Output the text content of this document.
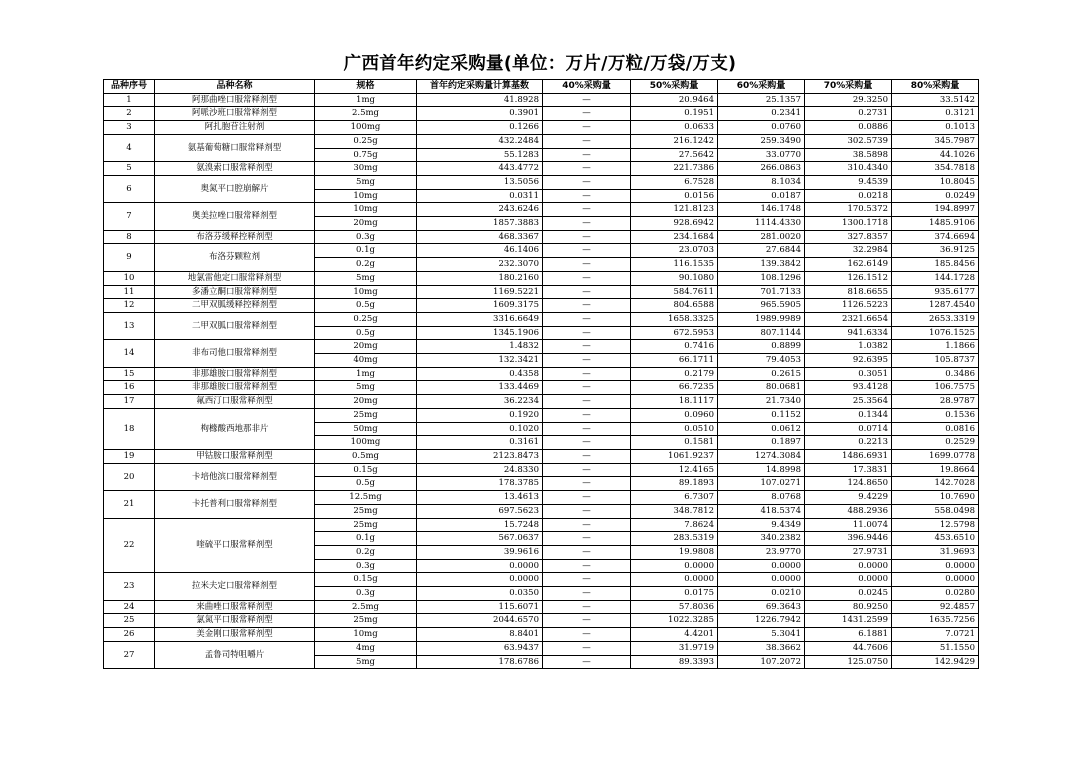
广西首年约定采购量(单位：万片/万粒/万袋/万支)
品种序号	品种名称	规格	首年约定采购量计算基数	40%采购量	50%采购量	60%采购量	70%采购量	80%采购量
1	阿那曲唑口服常释剂型	1mg	41.8928	—	20.9464	25.1357	29.3250	33.5142
2	阿哌沙班口服常释剂型	2.5mg	0.3901	—	0.1951	0.2341	0.2731	0.3121
3	阿扎胞苷注射剂	100mg	0.1266	—	0.0633	0.0760	0.0886	0.1013
4	氨基葡萄糖口服常释剂型	0.25g	432.2484	—	216.1242	259.3490	302.5739	345.7987
		0.75g	55.1283	—	27.5642	33.0770	38.5898	44.1026
5	氨溴索口服常释剂型	30mg	443.4772	—	221.7386	266.0863	310.4340	354.7818
6	奥氮平口腔崩解片	5mg	13.5056	—	6.7528	8.1034	9.4539	10.8045
		10mg	0.0311	—	0.0156	0.0187	0.0218	0.0249
7	奥美拉唑口服常释剂型	10mg	243.6246	—	121.8123	146.1748	170.5372	194.8997
		20mg	1857.3883	—	928.6942	1114.4330	1300.1718	1485.9106
8	布洛芬缓释控释剂型	0.3g	468.3367	—	234.1684	281.0020	327.8357	374.6694
9	布洛芬颗粒剂	0.1g	46.1406	—	23.0703	27.6844	32.2984	36.9125
		0.2g	232.3070	—	116.1535	139.3842	162.6149	185.8456
10	地氯雷他定口服常释剂型	5mg	180.2160	—	90.1080	108.1296	126.1512	144.1728
11	多潘立酮口服常释剂型	10mg	1169.5221	—	584.7611	701.7133	818.6655	935.6177
12	二甲双胍缓释控释剂型	0.5g	1609.3175	—	804.6588	965.5905	1126.5223	1287.4540
13	二甲双胍口服常释剂型	0.25g	3316.6649	—	1658.3325	1989.9989	2321.6654	2653.3319
		0.5g	1345.1906	—	672.5953	807.1144	941.6334	1076.1525
14	非布司他口服常释剂型	20mg	1.4832	—	0.7416	0.8899	1.0382	1.1866
		40mg	132.3421	—	66.1711	79.4053	92.6395	105.8737
15	非那雄胺口服常释剂型	1mg	0.4358	—	0.2179	0.2615	0.3051	0.3486
16	非那雄胺口服常释剂型	5mg	133.4469	—	66.7235	80.0681	93.4128	106.7575
17	氟西汀口服常释剂型	20mg	36.2234	—	18.1117	21.7340	25.3564	28.9787
18	枸橼酸西地那非片	25mg	0.1920	—	0.0960	0.1152	0.1344	0.1536
		50mg	0.1020	—	0.0510	0.0612	0.0714	0.0816
		100mg	0.3161	—	0.1581	0.1897	0.2213	0.2529
19	甲钴胺口服常释剂型	0.5mg	2123.8473	—	1061.9237	1274.3084	1486.6931	1699.0778
20	卡培他滨口服常释剂型	0.15g	24.8330	—	12.4165	14.8998	17.3831	19.8664
		0.5g	178.3785	—	89.1893	107.0271	124.8650	142.7028
21	卡托普利口服常释剂型	12.5mg	13.4613	—	6.7307	8.0768	9.4229	10.7690
		25mg	697.5623	—	348.7812	418.5374	488.2936	558.0498
22	喹硫平口服常释剂型	25mg	15.7248	—	7.8624	9.4349	11.0074	12.5798
		0.1g	567.0637	—	283.5319	340.2382	396.9446	453.6510
		0.2g	39.9616	—	19.9808	23.9770	27.9731	31.9693
		0.3g	0.0000	—	0.0000	0.0000	0.0000	0.0000
23	拉米夫定口服常释剂型	0.15g	0.0000	—	0.0000	0.0000	0.0000	0.0000
		0.3g	0.0350	—	0.0175	0.0210	0.0245	0.0280
24	来曲唑口服常释剂型	2.5mg	115.6071	—	57.8036	69.3643	80.9250	92.4857
25	氯氮平口服常释剂型	25mg	2044.6570	—	1022.3285	1226.7942	1431.2599	1635.7256
26	美金刚口服常释剂型	10mg	8.8401	—	4.4201	5.3041	6.1881	7.0721
27	孟鲁司特咀嚼片	4mg	63.9437	—	31.9719	38.3662	44.7606	51.1550
		5mg	178.6786	—	89.3393	107.2072	125.0750	142.9429
